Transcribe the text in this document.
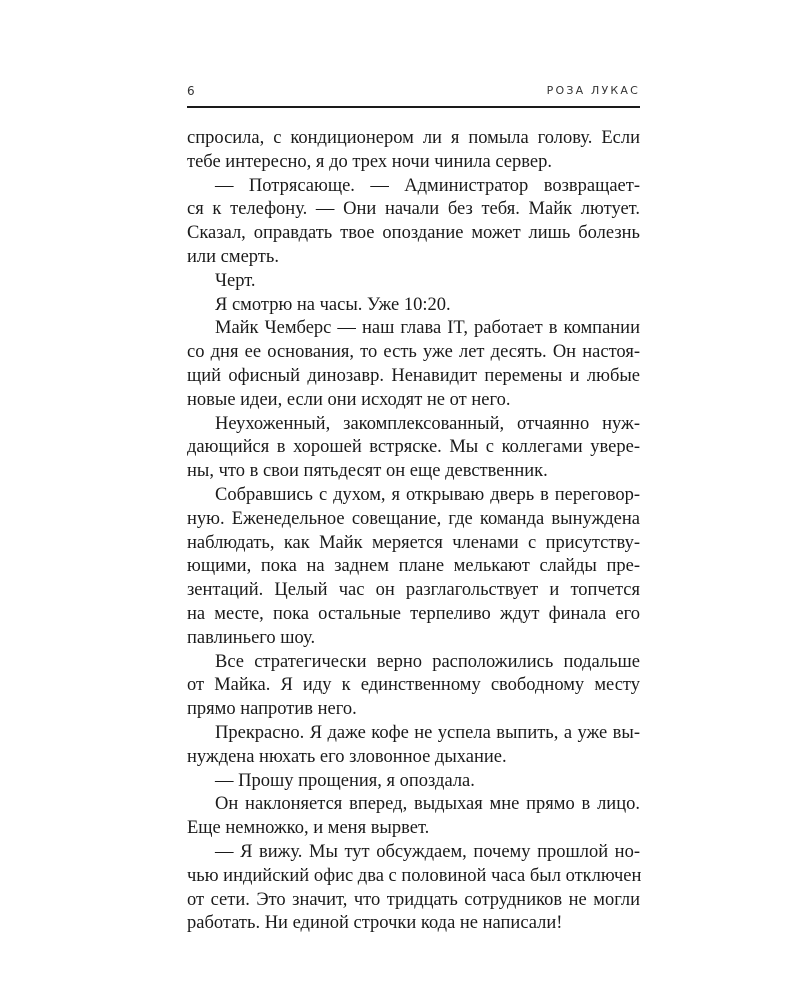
6	РОЗА ЛУКАС
спросила, с кондиционером ли я помыла голову. Если
тебе интересно, я до трех ночи чинила сервер.
— Потрясающе. — Администратор возвращает-
ся к телефону. — Они начали без тебя. Майк лютует.
Сказал, оправдать твое опоздание может лишь болезнь
или смерть.
Черт.
Я смотрю на часы. Уже 10:20.
Майк Чемберс — наш глава IT, работает в компании
со дня ее основания, то есть уже лет десять. Он настоя-
щий офисный динозавр. Ненавидит перемены и любые
новые идеи, если они исходят не от него.
Неухоженный, закомплексованный, отчаянно нуж-
дающийся в хорошей встряске. Мы с коллегами увере-
ны, что в свои пятьдесят он еще девственник.
Собравшись с духом, я открываю дверь в переговор-
ную. Еженедельное совещание, где команда вынуждена
наблюдать, как Майк меряется членами с присутству-
ющими, пока на заднем плане мелькают слайды пре-
зентаций. Целый час он разглагольствует и топчется
на месте, пока остальные терпеливо ждут финала его
павлиньего шоу.
Все стратегически верно расположились подальше
от Майка. Я иду к единственному свободному месту
прямо напротив него.
Прекрасно. Я даже кофе не успела выпить, а уже вы-
нуждена нюхать его зловонное дыхание.
— Прошу прощения, я опоздала.
Он наклоняется вперед, выдыхая мне прямо в лицо.
Еще немножко, и меня вырвет.
— Я вижу. Мы тут обсуждаем, почему прошлой но-
чью индийский офис два с половиной часа был отключен
от сети. Это значит, что тридцать сотрудников не могли
работать. Ни единой строчки кода не написали!
